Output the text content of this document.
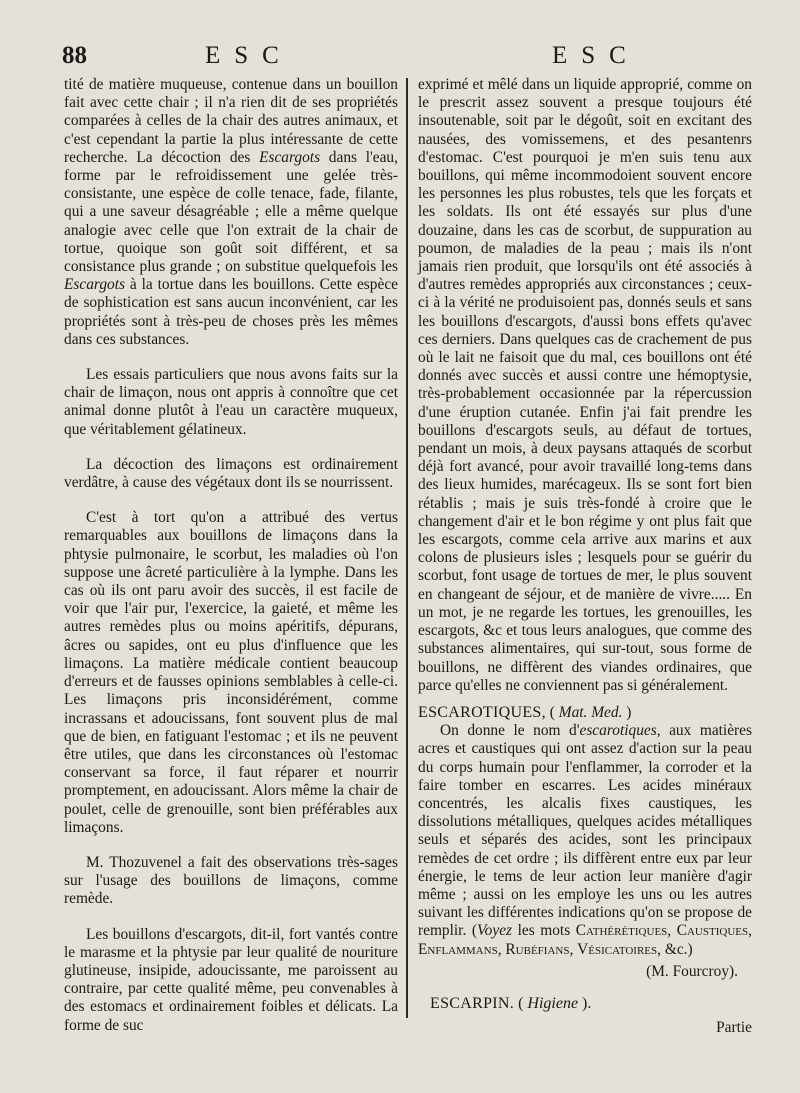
88	ESC	ESC

tité de matière muqueuse, contenue dans un bouillon fait avec cette chair ; il n'a rien dit de ses propriétés comparées à celles de la chair des autres animaux, et c'est cependant la partie la plus intéressante de cette recherche. La décoction des Escargots dans l'eau, forme par le refroidissement une gelée très-consistante, une espèce de colle tenace, fade, filante, qui a une saveur désagréable ; elle a même quelque analogie avec celle que l'on extrait de la chair de tortue, quoique son goût soit différent, et sa consistance plus grande ; on substitue quelquefois les Escargots à la tortue dans les bouillons. Cette espèce de sophistication est sans aucun inconvénient, car les propriétés sont à très-peu de choses près les mêmes dans ces substances.

Les essais particuliers que nous avons faits sur la chair de limaçon, nous ont appris à connoître que cet animal donne plutôt à l'eau un caractère muqueux, que véritablement gélatineux.

La décoction des limaçons est ordinairement verdâtre, à cause des végétaux dont ils se nourrissent.

C'est à tort qu'on a attribué des vertus remarquables aux bouillons de limaçons dans la phtysie pulmonaire, le scorbut, les maladies où l'on suppose une âcreté particulière à la lymphe. Dans les cas où ils ont paru avoir des succès, il est facile de voir que l'air pur, l'exercice, la gaieté, et même les autres remèdes plus ou moins apéritifs, dépurans, âcres ou sapides, ont eu plus d'influence que les limaçons. La matière médicale contient beaucoup d'erreurs et de fausses opinions semblables à celle-ci. Les limaçons pris inconsidérément, comme incrassans et adoucissans, font souvent plus de mal que de bien, en fatiguant l'estomac ; et ils ne peuvent être utiles, que dans les circonstances où l'estomac conservant sa force, il faut réparer et nourrir promptement, en adoucissant. Alors même la chair de poulet, celle de grenouille, sont bien préférables aux limaçons.

M. Thozuvenel a fait des observations très-sages sur l'usage des bouillons de limaçons, comme remède.

Les bouillons d'escargots, dit-il, fort vantés contre le marasme et la phtysie par leur qualité de nouriture glutineuse, insipide, adoucissante, me paroissent au contraire, par cette qualité même, peu convenables à des estomacs et ordinairement foibles et délicats. La forme de suc

exprimé et mêlé dans un liquide approprié, comme on le prescrit assez souvent a presque toujours été insoutenable, soit par le dégoût, soit en excitant des nausées, des vomissemens, et des pesantenrs d'estomac. C'est pourquoi je m'en suis tenu aux bouillons, qui même incommodoient souvent encore les personnes les plus robustes, tels que les forçats et les soldats. Ils ont été essayés sur plus d'une douzaine, dans les cas de scorbut, de suppuration au poumon, de maladies de la peau ; mais ils n'ont jamais rien produit, que lorsqu'ils ont été associés à d'autres remèdes appropriés aux circonstances ; ceux-ci à la vérité ne produisoient pas, donnés seuls et sans les bouillons d'escargots, d'aussi bons effets qu'avec ces derniers. Dans quelques cas de crachement de pus où le lait ne faisoit que du mal, ces bouillons ont été donnés avec succès et aussi contre une hémoptysie, très-probablement occasionnée par la répercussion d'une éruption cutanée. Enfin j'ai fait prendre les bouillons d'escargots seuls, au défaut de tortues, pendant un mois, à deux paysans attaqués de scorbut déjà fort avancé, pour avoir travaillé long-tems dans des lieux humides, marécageux. Ils se sont fort bien rétablis ; mais je suis très-fondé à croire que le changement d'air et le bon régime y ont plus fait que les escargots, comme cela arrive aux marins et aux colons de plusieurs isles ; lesquels pour se guérir du scorbut, font usage de tortues de mer, le plus souvent en changeant de séjour, et de manière de vivre..... En un mot, je ne regarde les tortues, les grenouilles, les escargots, &c et tous leurs analogues, que comme des substances alimentaires, qui sur-tout, sous forme de bouillons, ne diffèrent des viandes ordinaires, que parce qu'elles ne conviennent pas si généralement.

ESCAROTIQUES, ( Mat. Med. )

On donne le nom d'escarotiques, aux matières acres et caustiques qui ont assez d'action sur la peau du corps humain pour l'enflammer, la corroder et la faire tomber en escarres. Les acides minéraux concentrés, les alcalis fixes caustiques, les dissolutions métalliques, quelques acides métalliques seuls et séparés des acides, sont les principaux remèdes de cet ordre ; ils diffèrent entre eux par leur énergie, le tems de leur action leur manière d'agir même ; aussi on les employe les uns ou les autres suivant les différentes indications qu'on se propose de remplir. (Voyez les mots Cathérétiques, Caustiques, Enflammans, Rubéfians, Vésicatoires, &c.)

(M. Fourcroy).

ESCARPIN. ( Higiene ).

Partie
